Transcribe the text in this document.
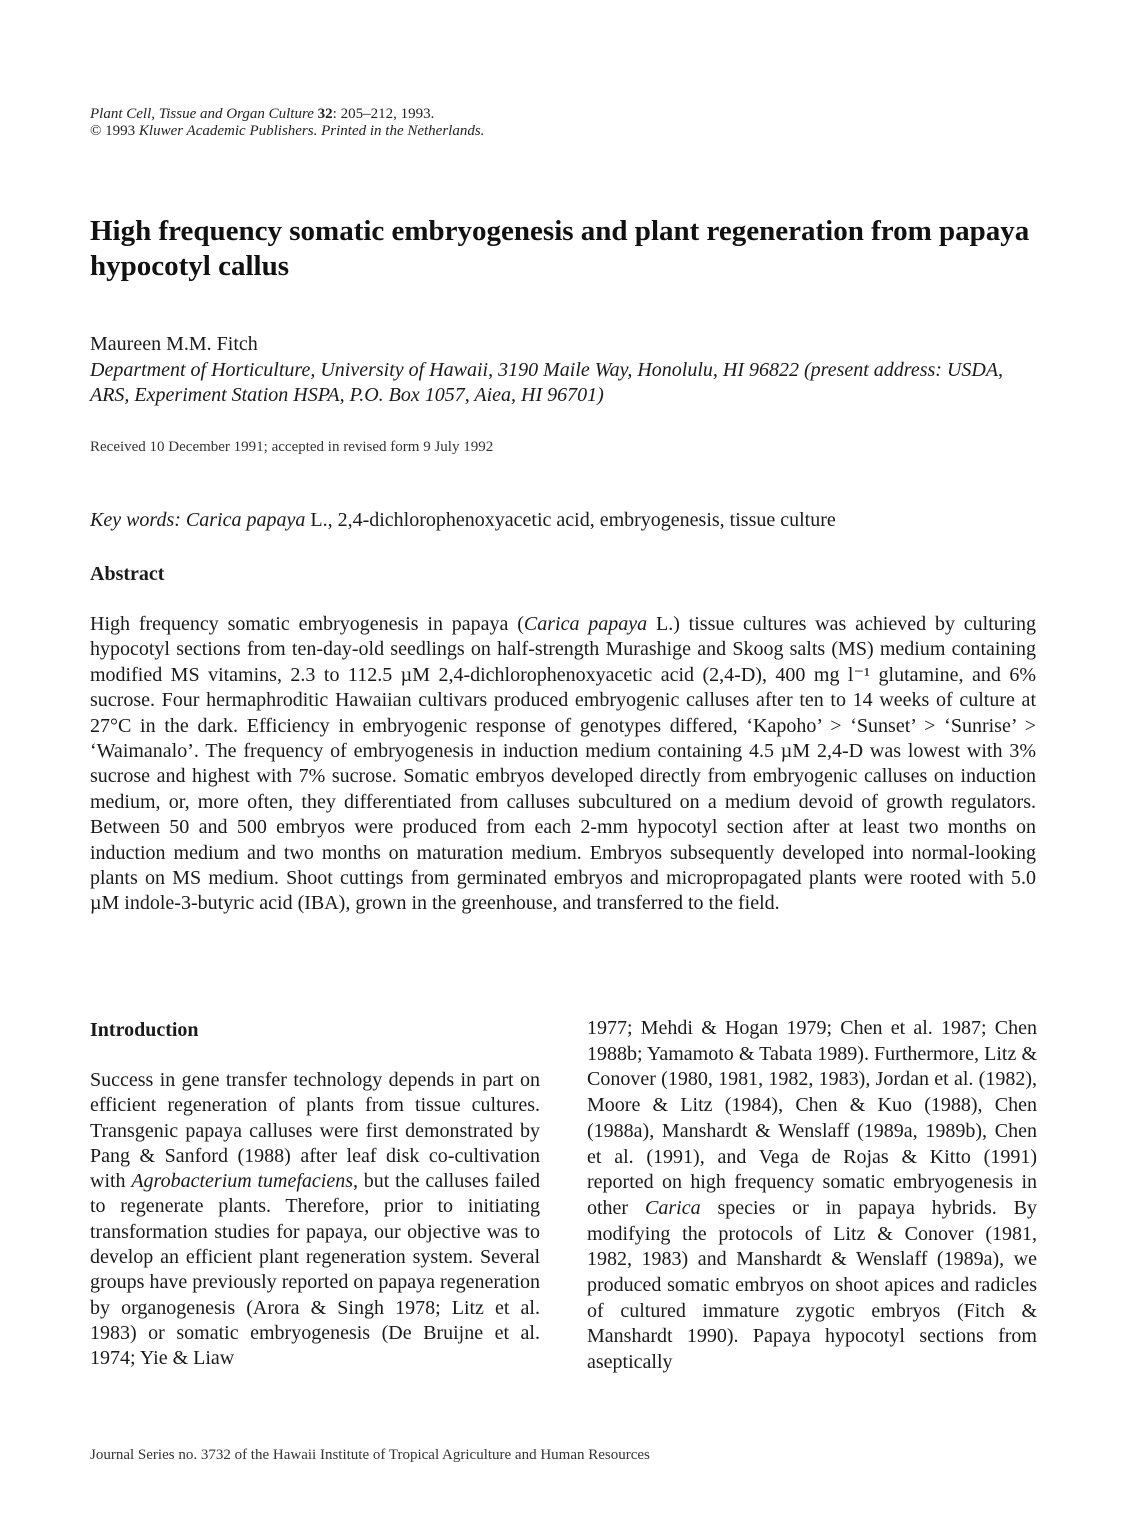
Plant Cell, Tissue and Organ Culture 32: 205–212, 1993.
© 1993 Kluwer Academic Publishers. Printed in the Netherlands.
High frequency somatic embryogenesis and plant regeneration from papaya hypocotyl callus
Maureen M.M. Fitch
Department of Horticulture, University of Hawaii, 3190 Maile Way, Honolulu, HI 96822 (present address: USDA, ARS, Experiment Station HSPA, P.O. Box 1057, Aiea, HI 96701)
Received 10 December 1991; accepted in revised form 9 July 1992
Key words: Carica papaya L., 2,4-dichlorophenoxyacetic acid, embryogenesis, tissue culture
Abstract
High frequency somatic embryogenesis in papaya (Carica papaya L.) tissue cultures was achieved by culturing hypocotyl sections from ten-day-old seedlings on half-strength Murashige and Skoog salts (MS) medium containing modified MS vitamins, 2.3 to 112.5 µM 2,4-dichlorophenoxyacetic acid (2,4-D), 400 mg l⁻¹ glutamine, and 6% sucrose. Four hermaphroditic Hawaiian cultivars produced embryogenic calluses after ten to 14 weeks of culture at 27°C in the dark. Efficiency in embryogenic response of genotypes differed, ‘Kapoho’ > ‘Sunset’ > ‘Sunrise’ > ‘Waimanalo’. The frequency of embryogenesis in induction medium containing 4.5 µM 2,4-D was lowest with 3% sucrose and highest with 7% sucrose. Somatic embryos developed directly from embryogenic calluses on induction medium, or, more often, they differentiated from calluses subcultured on a medium devoid of growth regulators. Between 50 and 500 embryos were produced from each 2-mm hypocotyl section after at least two months on induction medium and two months on maturation medium. Embryos subsequently developed into normal-looking plants on MS medium. Shoot cuttings from germinated embryos and micropropagated plants were rooted with 5.0 µM indole-3-butyric acid (IBA), grown in the greenhouse, and transferred to the field.
Introduction
Success in gene transfer technology depends in part on efficient regeneration of plants from tissue cultures. Transgenic papaya calluses were first demonstrated by Pang & Sanford (1988) after leaf disk co-cultivation with Agrobacterium tumefaciens, but the calluses failed to regenerate plants. Therefore, prior to initiating transformation studies for papaya, our objective was to develop an efficient plant regeneration system. Several groups have previously reported on papaya regeneration by organogenesis (Arora & Singh 1978; Litz et al. 1983) or somatic embryogenesis (De Bruijne et al. 1974; Yie & Liaw
1977; Mehdi & Hogan 1979; Chen et al. 1987; Chen 1988b; Yamamoto & Tabata 1989). Furthermore, Litz & Conover (1980, 1981, 1982, 1983), Jordan et al. (1982), Moore & Litz (1984), Chen & Kuo (1988), Chen (1988a), Manshardt & Wenslaff (1989a, 1989b), Chen et al. (1991), and Vega de Rojas & Kitto (1991) reported on high frequency somatic embryogenesis in other Carica species or in papaya hybrids. By modifying the protocols of Litz & Conover (1981, 1982, 1983) and Manshardt & Wenslaff (1989a), we produced somatic embryos on shoot apices and radicles of cultured immature zygotic embryos (Fitch & Manshardt 1990). Papaya hypocotyl sections from aseptically
Journal Series no. 3732 of the Hawaii Institute of Tropical Agriculture and Human Resources
